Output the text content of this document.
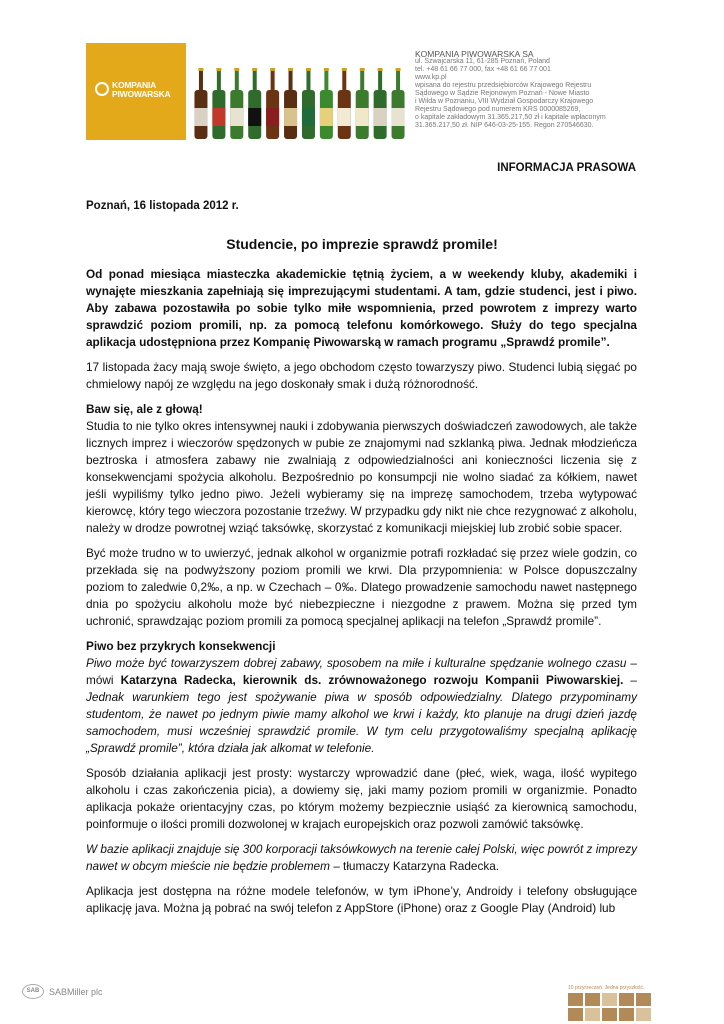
KOMPANIA
PIWOWARSKA
KOMPANIA PIWOWARSKA SA
ul. Szwajcarska 11, 61-285 Poznań, Poland
tel. +48 61 66 77 000, fax +48 61 66 77 001
www.kp.pl
wpisana do rejestru przedsiębiorców Krajowego Rejestru
Sądowego w Sądzie Rejonowym Poznań - Nowe Miasto
i Wilda w Poznaniu, VIII Wydział Gospodarczy Krajowego
Rejestru Sądowego pod numerem KRS 0000085269,
o kapitale zakładowym 31.365.217,50 zł i kapitale wpłaconym
31.365.217,50 zł. NIP 646-03-25-155. Regon 270546630.
INFORMACJA PRASOWA
Poznań, 16 listopada 2012 r.
Studencie, po imprezie sprawdź promile!

Od ponad miesiąca miasteczka akademickie tętnią życiem, a w weekendy kluby, akademiki i wynajęte mieszkania zapełniają się imprezującymi studentami. A tam, gdzie studenci, jest i piwo. Aby zabawa pozostawiła po sobie tylko miłe wspomnienia, przed powrotem z imprezy warto sprawdzić poziom promili, np. za pomocą telefonu komórkowego. Służy do tego specjalna aplikacja udostępniona przez Kompanię Piwowarską w ramach programu „Sprawdź promile”.

17 listopada żacy mają swoje święto, a jego obchodom często towarzyszy piwo. Studenci lubią sięgać po chmielowy napój ze względu na jego doskonały smak i dużą różnorodność.

Baw się, ale z głową!
Studia to nie tylko okres intensywnej nauki i zdobywania pierwszych doświadczeń zawodowych, ale także licznych imprez i wieczorów spędzonych w pubie ze znajomymi nad szklanką piwa. Jednak młodzieńcza beztroska i atmosfera zabawy nie zwalniają z odpowiedzialności ani konieczności liczenia się z konsekwencjami spożycia alkoholu. Bezpośrednio po konsumpcji nie wolno siadać za kółkiem, nawet jeśli wypiliśmy tylko jedno piwo. Jeżeli wybieramy się na imprezę samochodem, trzeba wytypować kierowcę, który tego wieczora pozostanie trzeźwy. W przypadku gdy nikt nie chce rezygnować z alkoholu, należy w drodze powrotnej wziąć taksówkę, skorzystać z komunikacji miejskiej lub zrobić sobie spacer.

Być może trudno w to uwierzyć, jednak alkohol w organizmie potrafi rozkładać się przez wiele godzin, co przekłada się na podwyższony poziom promili we krwi. Dla przypomnienia: w Polsce dopuszczalny poziom to zaledwie 0,2‰, a np. w Czechach – 0‰. Dlatego prowadzenie samochodu nawet następnego dnia po spożyciu alkoholu może być niebezpieczne i niezgodne z prawem. Można się przed tym uchronić, sprawdzając poziom promili za pomocą specjalnej aplikacji na telefon „Sprawdź promile”.

Piwo bez przykrych konsekwencji
Piwo może być towarzyszem dobrej zabawy, sposobem na miłe i kulturalne spędzanie wolnego czasu – mówi Katarzyna Radecka, kierownik ds. zrównoważonego rozwoju Kompanii Piwowarskiej. – Jednak warunkiem tego jest spożywanie piwa w sposób odpowiedzialny. Dlatego przypominamy studentom, że nawet po jednym piwie mamy alkohol we krwi i każdy, kto planuje na drugi dzień jazdę samochodem, musi wcześniej sprawdzić promile. W tym celu przygotowaliśmy specjalną aplikację „Sprawdź promile”, która działa jak alkomat w telefonie.

Sposób działania aplikacji jest prosty: wystarczy wprowadzić dane (płeć, wiek, waga, ilość wypitego alkoholu i czas zakończenia picia), a dowiemy się, jaki mamy poziom promili w organizmie. Ponadto aplikacja pokaże orientacyjny czas, po którym możemy bezpiecznie usiąść za kierownicą samochodu, poinformuje o ilości promili dozwolonej w krajach europejskich oraz pozwoli zamówić taksówkę.

W bazie aplikacji znajduje się 300 korporacji taksówkowych na terenie całej Polski, więc powrót z imprezy nawet w obcym mieście nie będzie problemem – tłumaczy Katarzyna Radecka.

Aplikacja jest dostępna na różne modele telefonów, w tym iPhone’y, Androidy i telefony obsługujące aplikację java. Można ją pobrać na swój telefon z AppStore (iPhone) oraz z Google Play (Android) lub

SAB	SABMiller plc	10 przyrzeczeń. Jedna przyszłość.
